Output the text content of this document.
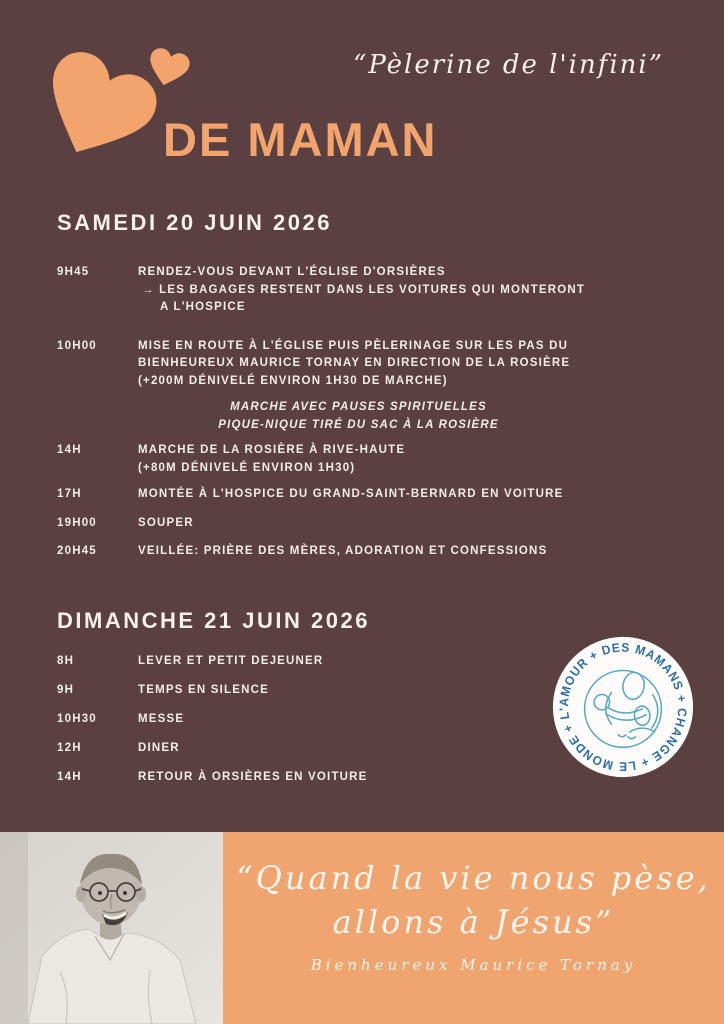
“Pèlerine de l'infini”
DE MAMAN
SAMEDI 20 JUIN 2026
9H45	RENDEZ-VOUS DEVANT L'ÉGLISE D'ORSIÈRES
→ LES BAGAGES RESTENT DANS LES VOITURES QUI MONTERONT
A L'HOSPICE
10H00	MISE EN ROUTE À L'ÉGLISE PUIS PÈLERINAGE SUR LES PAS DU
BIENHEUREUX MAURICE TORNAY EN DIRECTION DE LA ROSIÈRE
(+200M DÉNIVELÉ ENVIRON 1H30 DE MARCHE)
MARCHE AVEC PAUSES SPIRITUELLES
PIQUE-NIQUE TIRÉ DU SAC À LA ROSIÈRE
14H	MARCHE DE LA ROSIÈRE À RIVE-HAUTE
(+80M DÉNIVELÉ ENVIRON 1H30)
17H	MONTÉE À L'HOSPICE DU GRAND-SAINT-BERNARD EN VOITURE
19H00	SOUPER
20H45	VEILLÉE: PRIÈRE DES MÈRES, ADORATION ET CONFESSIONS
DIMANCHE 21 JUIN 2026
8H	LEVER ET PETIT DEJEUNER
9H	TEMPS EN SILENCE
10H30	MESSE
12H	DINER
14H	RETOUR À ORSIÈRES EN VOITURE
+ L'AMOUR + DES MAMANS + CHANGE + LE MONDE
“Quand la vie nous pèse,
allons à Jésus”
Bienheureux Maurice Tornay
